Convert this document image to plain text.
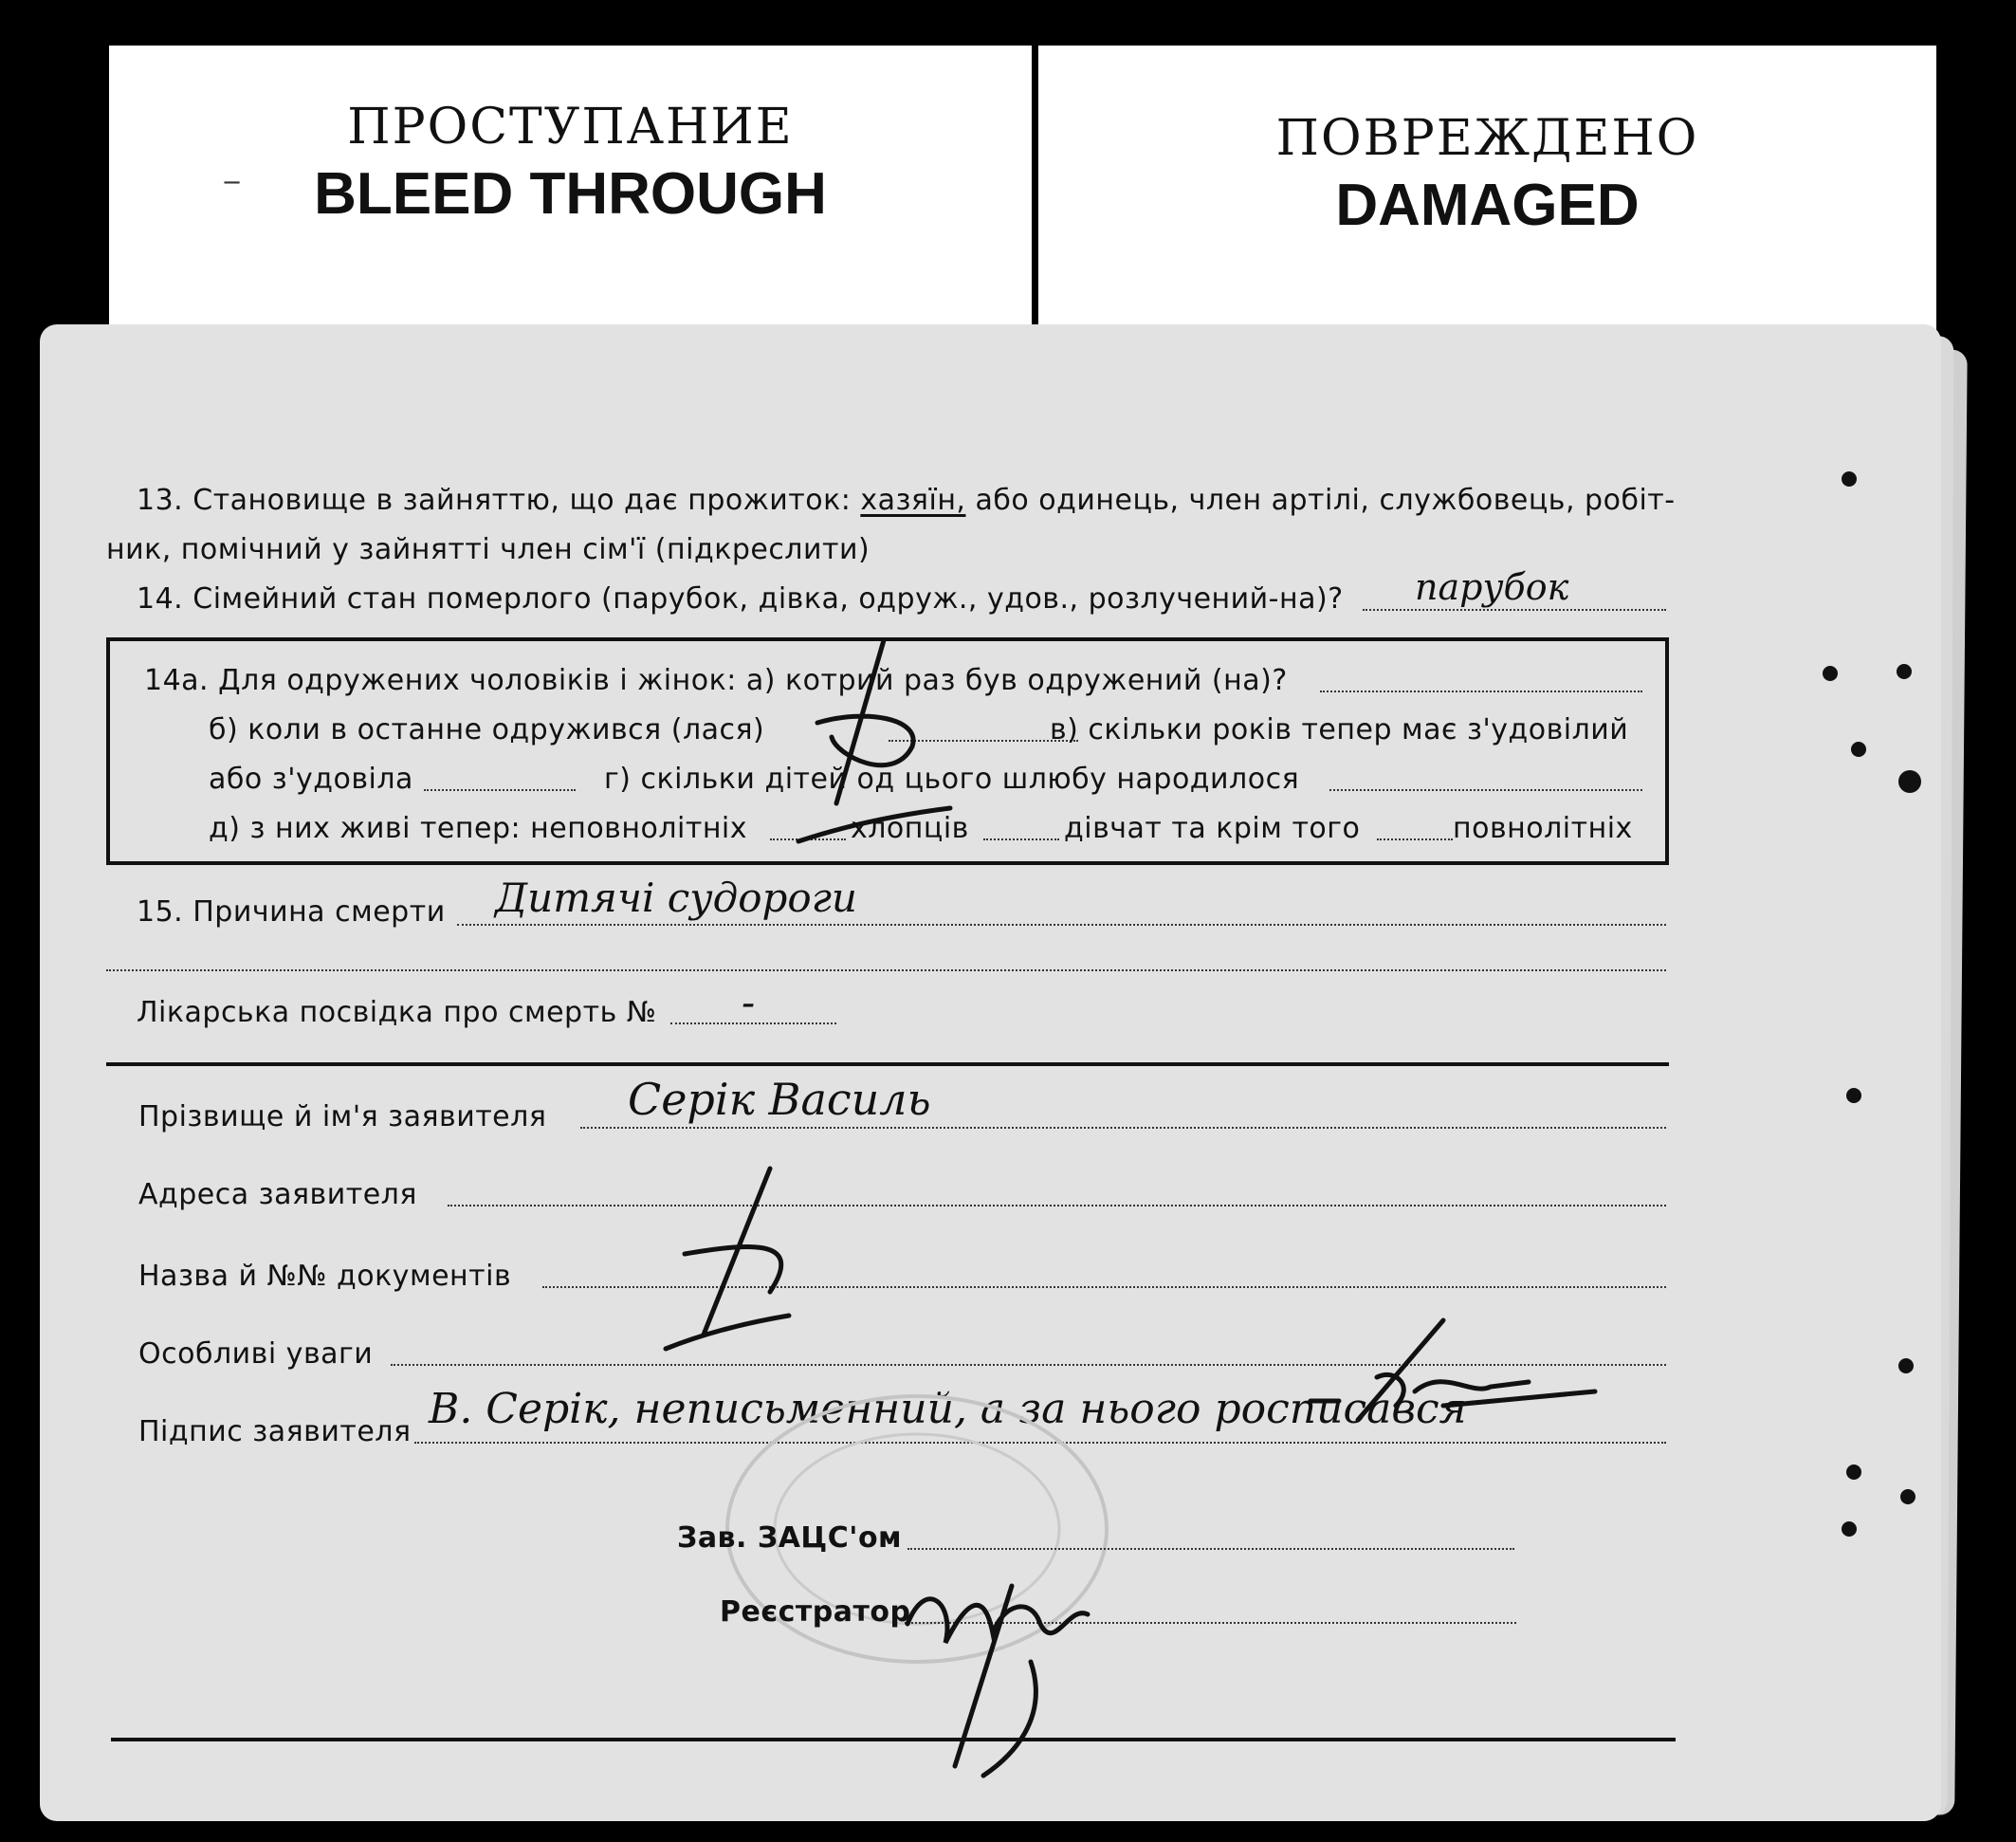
‒
ПРОСТУПАНИЕ
BLEED THROUGH
ПОВРЕЖДЕНО
DAMAGED
13. Становище в зайняттю, що дає прожиток: хазяїн, або одинець, член артілі, службовець, робіт-
ник, помічний у зайнятті член сім'ї (підкреслити)
14. Сімейний стан померлого (парубок, дівка, одруж., удов., розлучений-на)? парубок
14а. Для одружених чоловіків і жінок: а) котрий раз був одружений (на)?
б) коли в останне одружився (лася)	в) скільки років тепер має з'удовілий
або з'удовіла	г) скільки дітей од цього шлюбу народилося
д) з них живі тепер: неповнолітніх	хлопців	дівчат та крім того	повнолітніх
15. Причина смерти Дитячі судороги
Лікарська посвідка про смерть № -
Прізвище й ім'я заявителя Серік Василь
Адреса заявителя
Назва й №№ документів
Особливі уваги
Підпис заявителя В. Серік, неписьменний, а за нього росписався
Зав. ЗАЦС'ом
Реєстратор
